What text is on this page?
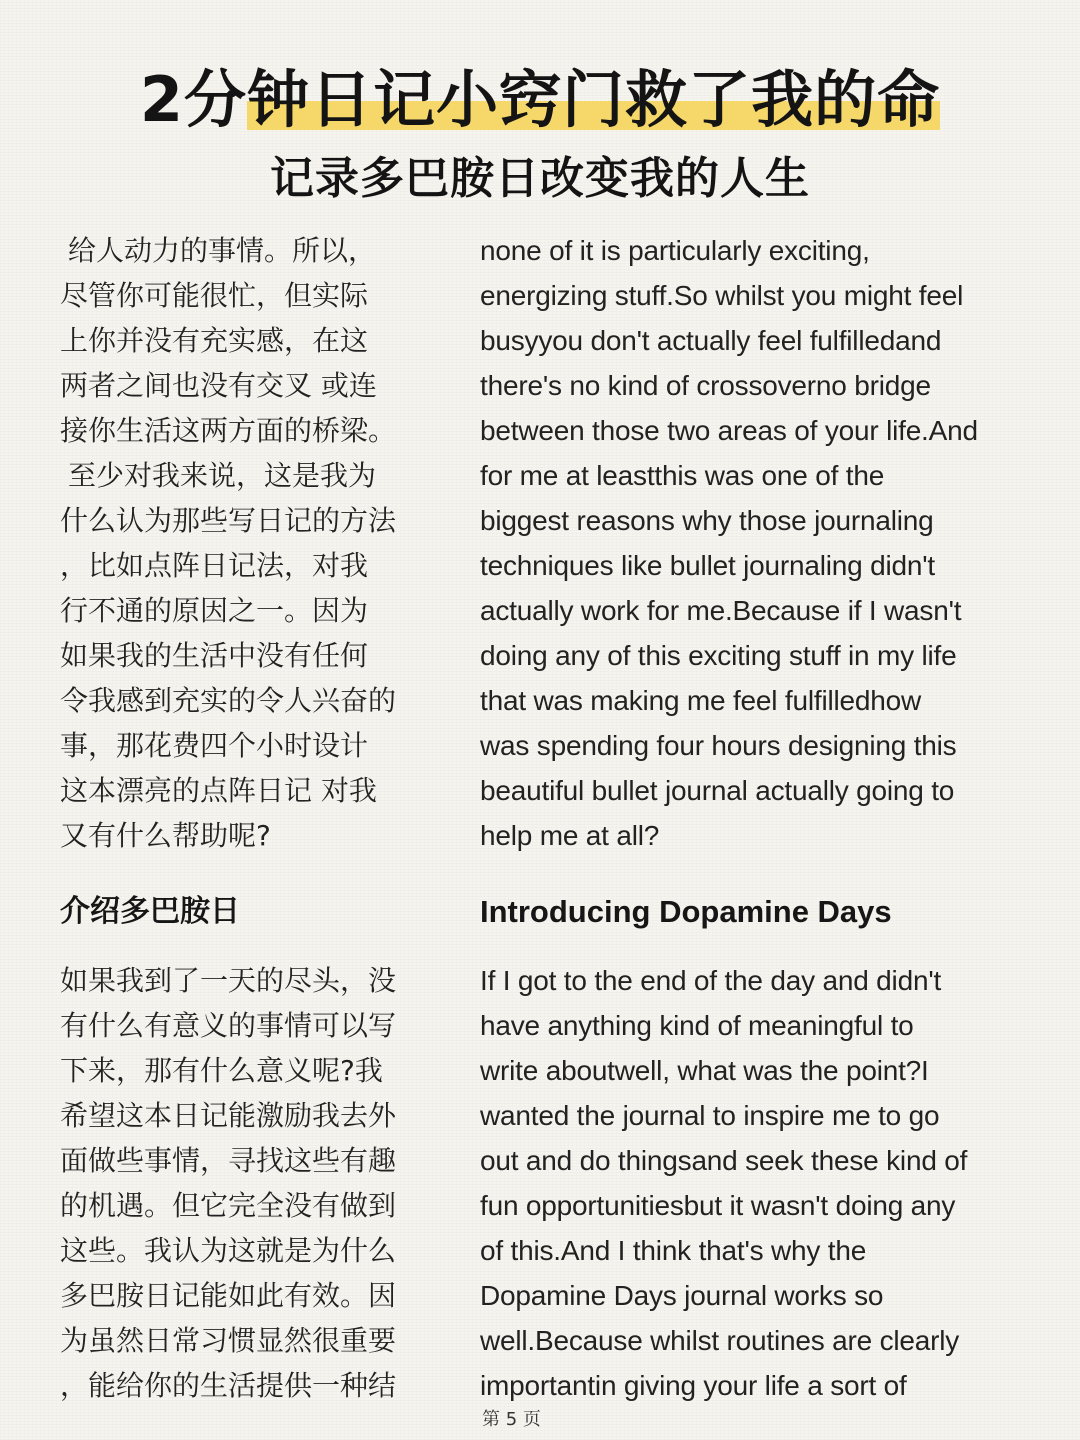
2分钟日记小窍门救了我的命
记录多巴胺日改变我的人生
给人动力的事情。所以，
尽管你可能很忙，但实际
上你并没有充实感，在这
两者之间也没有交叉 或连
接你生活这两方面的桥梁。
至少对我来说，这是我为
什么认为那些写日记的方法
，比如点阵日记法，对我
行不通的原因之一。因为
如果我的生活中没有任何
令我感到充实的令人兴奋的
事，那花费四个小时设计
这本漂亮的点阵日记 对我
又有什么帮助呢?
none of it is particularly exciting,
energizing stuff.So whilst you might feel
busyyou don't actually feel fulfilledand
there's no kind of crossoverno bridge
between those two areas of your life.And
for me at leastthis was one of the
biggest reasons why those journaling
techniques like bullet journaling didn't
actually work for me.Because if I wasn't
doing any of this exciting stuff in my life
that was making me feel fulfilledhow
was spending four hours designing this
beautiful bullet journal actually going to
help me at all?
介绍多巴胺日	Introducing Dopamine Days
如果我到了一天的尽头，没
有什么有意义的事情可以写
下来，那有什么意义呢?我
希望这本日记能激励我去外
面做些事情，寻找这些有趣
的机遇。但它完全没有做到
这些。我认为这就是为什么
多巴胺日记能如此有效。因
为虽然日常习惯显然很重要
，能给你的生活提供一种结
If I got to the end of the day and didn't
have anything kind of meaningful to
write aboutwell, what was the point?I
wanted the journal to inspire me to go
out and do thingsand seek these kind of
fun opportunitiesbut it wasn't doing any
of this.And I think that's why the
Dopamine Days journal works so
well.Because whilst routines are clearly
importantin giving your life a sort of
第 5 页
